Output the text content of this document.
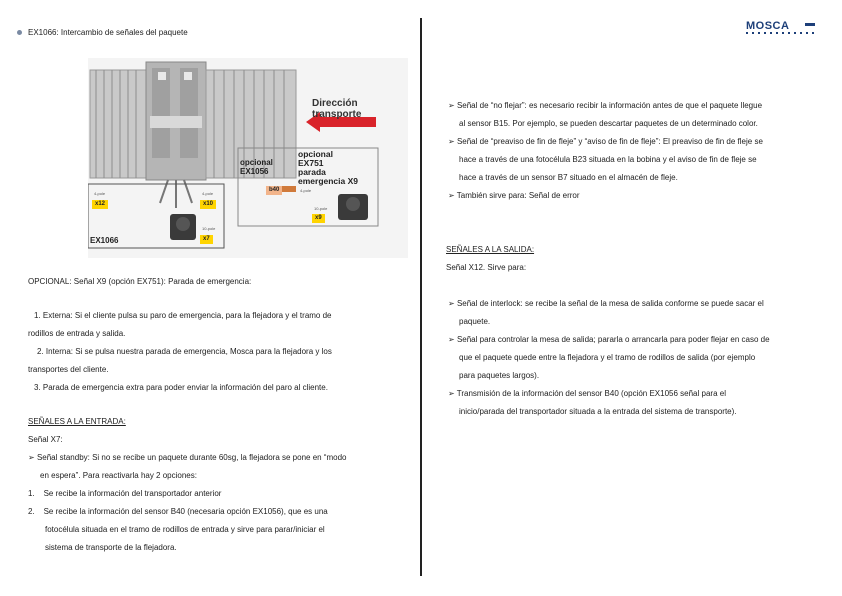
EX1066: Intercambio de señales del paquete
MOSCA
Dirección transporte
opcional
EX1056
opcional
EX751
parada
emergencia X9
EX1066
4-pole
x12
4-pole
x10
10-pole
x7
b40
10-pole
x9
4-pole
➢ Señal de “no flejar”: es necesario recibir la información antes de que el paquete llegue
al sensor B15. Por ejemplo, se pueden descartar paquetes de un determinado color.
➢ Señal de “preaviso de fin de fleje” y “aviso de fin de fleje”: El preaviso de fin de fleje se
hace a través de una fotocélula B23 situada en la bobina y el aviso de fin de fleje se
hace a través de un sensor B7 situado en el almacén de fleje.
➢ También sirve para: Señal de error
SEÑALES A LA SALIDA:
Señal X12. Sirve para:
➢ Señal de interlock: se recibe la señal de la mesa de salida conforme se puede sacar el
paquete.
➢ Señal para controlar la mesa de salida; pararla o arrancarla para poder flejar en caso de
que el paquete quede entre la flejadora y el tramo de rodillos de salida (por ejemplo
para paquetes largos).
➢ Transmisión de la información del sensor B40 (opción EX1056 señal para el
inicio/parada del transportador situada a la entrada del sistema de transporte).
OPCIONAL: Señal X9 (opción EX751): Parada de emergencia:
1. Externa: Si el cliente pulsa su paro de emergencia, para la flejadora y el tramo de
rodillos de entrada y salida.
2. Interna: Si se pulsa nuestra parada de emergencia, Mosca para la flejadora y los
transportes del cliente.
3. Parada de emergencia extra para poder enviar la información del paro al cliente.
SEÑALES A LA ENTRADA:
Señal X7:
➢ Señal standby: Si no se recibe un paquete durante 60sg, la flejadora se pone en “modo
en espera”. Para reactivarla hay 2 opciones:
1. Se recibe la información del transportador anterior
2. Se recibe la información del sensor B40 (necesaria opción EX1056), que es una
fotocélula situada en el tramo de rodillos de entrada y sirve para parar/iniciar el
sistema de transporte de la flejadora.
